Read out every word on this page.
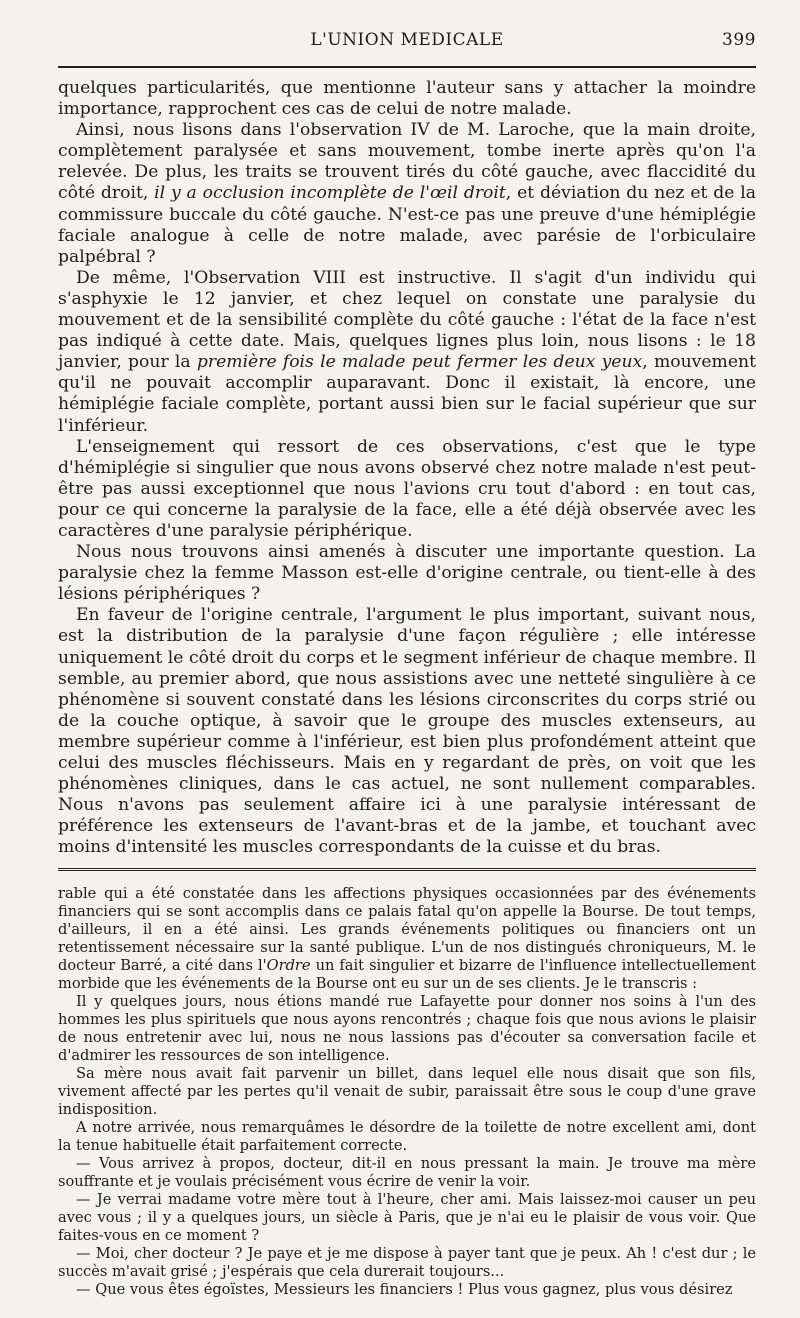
L'UNION MEDICALE	399

quelques particularités, que mentionne l'auteur sans y attacher la moindre importance, rapprochent ces cas de celui de notre malade.

Ainsi, nous lisons dans l'observation IV de M. Laroche, que la main droite, complètement paralysée et sans mouvement, tombe inerte après qu'on l'a relevée. De plus, les traits se trouvent tirés du côté gauche, avec flaccidité du côté droit, il y a occlusion incomplète de l'œil droit, et déviation du nez et de la commissure buccale du côté gauche. N'est-ce pas une preuve d'une hémiplégie faciale analogue à celle de notre malade, avec parésie de l'orbiculaire palpébral ?

De même, l'Observation VIII est instructive. Il s'agit d'un individu qui s'asphyxie le 12 janvier, et chez lequel on constate une paralysie du mouvement et de la sensibilité complète du côté gauche : l'état de la face n'est pas indiqué à cette date. Mais, quelques lignes plus loin, nous lisons : le 18 janvier, pour la première fois le malade peut fermer les deux yeux, mouvement qu'il ne pouvait accomplir auparavant. Donc il existait, là encore, une hémiplégie faciale complète, portant aussi bien sur le facial supérieur que sur l'inférieur.

L'enseignement qui ressort de ces observations, c'est que le type d'hémiplégie si singulier que nous avons observé chez notre malade n'est peut-être pas aussi exceptionnel que nous l'avions cru tout d'abord : en tout cas, pour ce qui concerne la paralysie de la face, elle a été déjà observée avec les caractères d'une paralysie périphérique.

Nous nous trouvons ainsi amenés à discuter une importante question. La paralysie chez la femme Masson est-elle d'origine centrale, ou tient-elle à des lésions périphériques ?

En faveur de l'origine centrale, l'argument le plus important, suivant nous, est la distribution de la paralysie d'une façon régulière ; elle intéresse uniquement le côté droit du corps et le segment inférieur de chaque membre. Il semble, au premier abord, que nous assistions avec une netteté singulière à ce phénomène si souvent constaté dans les lésions circonscrites du corps strié ou de la couche optique, à savoir que le groupe des muscles extenseurs, au membre supérieur comme à l'inférieur, est bien plus profondément atteint que celui des muscles fléchisseurs. Mais en y regardant de près, on voit que les phénomènes cliniques, dans le cas actuel, ne sont nullement comparables. Nous n'avons pas seulement affaire ici à une paralysie intéressant de préférence les extenseurs de l'avant-bras et de la jambe, et touchant avec moins d'intensité les muscles correspondants de la cuisse et du bras.

rable qui a été constatée dans les affections physiques occasionnées par des événements financiers qui se sont accomplis dans ce palais fatal qu'on appelle la Bourse. De tout temps, d'ailleurs, il en a été ainsi. Les grands événements politiques ou financiers ont un retentissement nécessaire sur la santé publique. L'un de nos distingués chroniqueurs, M. le docteur Barré, a cité dans l'Ordre un fait singulier et bizarre de l'influence intellectuellement morbide que les événements de la Bourse ont eu sur un de ses clients. Je le transcris :

Il y quelques jours, nous étions mandé rue Lafayette pour donner nos soins à l'un des hommes les plus spirituels que nous ayons rencontrés ; chaque fois que nous avions le plaisir de nous entretenir avec lui, nous ne nous lassions pas d'écouter sa conversation facile et d'admirer les ressources de son intelligence.

Sa mère nous avait fait parvenir un billet, dans lequel elle nous disait que son fils, vivement affecté par les pertes qu'il venait de subir, paraissait être sous le coup d'une grave indisposition.

A notre arrivée, nous remarquâmes le désordre de la toilette de notre excellent ami, dont la tenue habituelle était parfaitement correcte.

— Vous arrivez à propos, docteur, dit-il en nous pressant la main. Je trouve ma mère souffrante et je voulais précisément vous écrire de venir la voir.

— Je verrai madame votre mère tout à l'heure, cher ami. Mais laissez-moi causer un peu avec vous ; il y a quelques jours, un siècle à Paris, que je n'ai eu le plaisir de vous voir. Que faites-vous en ce moment ?

— Moi, cher docteur ? Je paye et je me dispose à payer tant que je peux. Ah ! c'est dur ; le succès m'avait grisé ; j'espérais que cela durerait toujours...

— Que vous êtes égoïstes, Messieurs les financiers ! Plus vous gagnez, plus vous désirez
